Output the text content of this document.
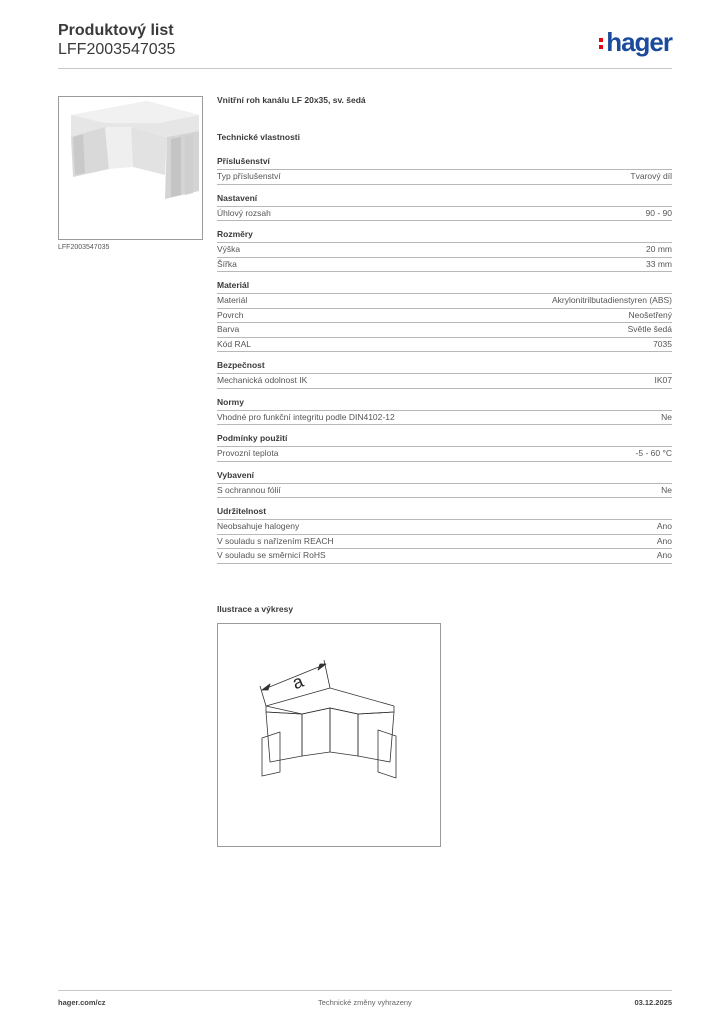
Produktový list
LFF2003547035	hager
LFF2003547035
Vnitřní roh kanálu LF 20x35, sv. šedá
Technické vlastnosti
Příslušenství
Typ příslušenství	Tvarový díl
Nastavení
Úhlový rozsah	90 - 90
Rozměry
Výška	20 mm
Šířka	33 mm
Materiál
Materiál	Akrylonitrilbutadienstyren (ABS)
Povrch	Neošetřený
Barva	Světle šedá
Kód RAL	7035
Bezpečnost
Mechanická odolnost IK	IK07
Normy
Vhodné pro funkční integritu podle DIN4102-12	Ne
Podmínky použití
Provozní teplota	-5 - 60 °C
Vybavení
S ochrannou fólií	Ne
Udržitelnost
Neobsahuje halogeny	Ano
V souladu s nařízením REACH	Ano
V souladu se směrnicí RoHS	Ano
Ilustrace a výkresy
a
hager.com/cz	Technické změny vyhrazeny	03.12.2025
